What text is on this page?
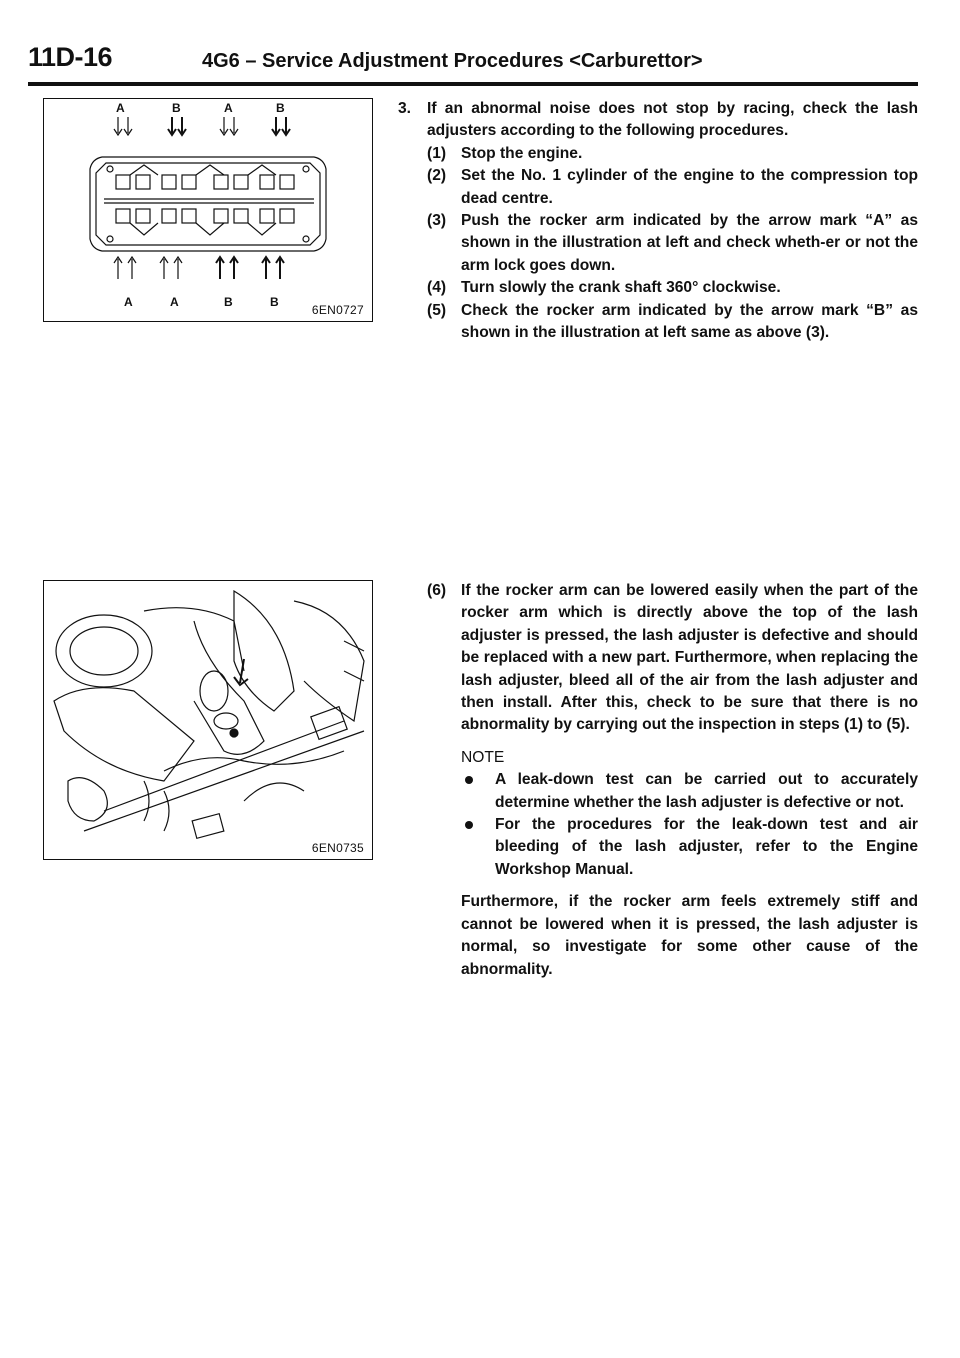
11D-16	4G6 – Service Adjustment Procedures <Carburettor>
A	B	A	B
A	A	B	B
6EN0727
6EN0735
3.	If an abnormal noise does not stop by racing, check the lash adjusters according to the following procedures.
(1) Stop the engine.
(2) Set the No. 1 cylinder of the engine to the compression top dead centre.
(3) Push the rocker arm indicated by the arrow mark “A” as shown in the illustration at left and check wheth-er or not the arm lock goes down.
(4) Turn slowly the crank shaft 360° clockwise.
(5) Check the rocker arm indicated by the arrow mark “B” as shown in the illustration at left same as above (3).
(6) If the rocker arm can be lowered easily when the part of the rocker arm which is directly above the top of the lash adjuster is pressed, the lash adjuster is defective and should be replaced with a new part. Furthermore, when replacing the lash adjuster, bleed all of the air from the lash adjuster and then install. After this, check to be sure that there is no abnormality by carrying out the inspection in steps (1) to (5).
NOTE
A leak-down test can be carried out to accurately determine whether the lash adjuster is defective or not.
For the procedures for the leak-down test and air bleeding of the lash adjuster, refer to the Engine Workshop Manual.
Furthermore, if the rocker arm feels extremely stiff and cannot be lowered when it is pressed, the lash adjuster is normal, so investigate for some other cause of the abnormality.
